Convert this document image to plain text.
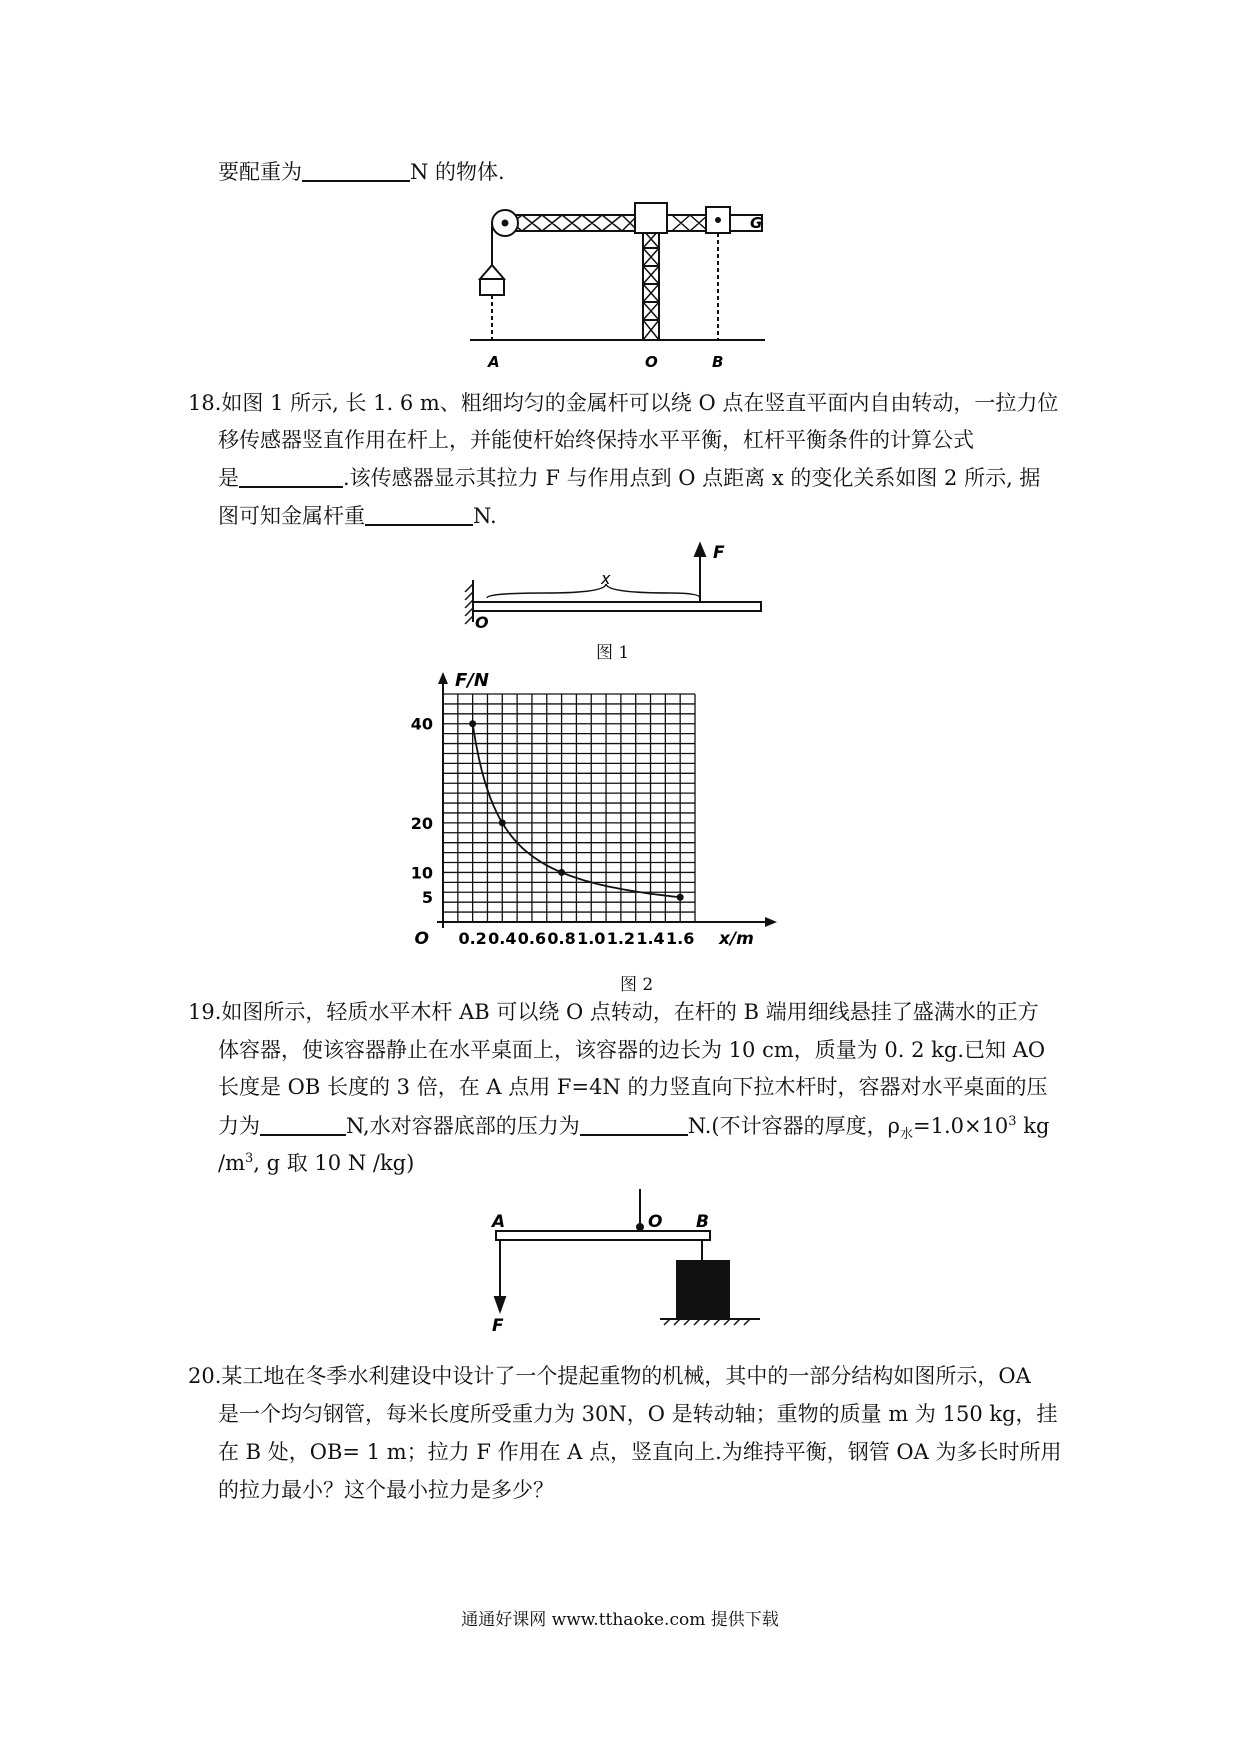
要配重为	N 的物体.
A	O	B
G
18.如图 1 所示, 长 1. 6 m、粗细均匀的金属杆可以绕 O 点在竖直平面内自由转动，一拉力位
移传感器竖直作用在杆上，并能使杆始终保持水平平衡，杠杆平衡条件的计算公式
是	.该传感器显示其拉力 F 与作用点到 O 点距离 x 的变化关系如图 2 所示, 据
图可知金属杆重	N.
x
F
O
图 1
0.2 0.4 0.6 0.8 1.0 1.2 1.4 1.6
5
10
20
40
O
F/N
x/m
图 2
19.如图所示，轻质水平木杆 AB 可以绕 O 点转动，在杆的 B 端用细线悬挂了盛满水的正方
体容器，使该容器静止在水平桌面上，该容器的边长为 10 cm，质量为 0. 2 kg.已知 AO
长度是 OB 长度的 3 倍，在 A 点用 F=4N 的力竖直向下拉木杆时，容器对水平桌面的压
力为	N,水对容器底部的压力为	N.(不计容器的厚度，$\rho_水=1.0\times 10^3$ kg
$/m^3$, g 取 10 N /kg)
A	O B
F
20.某工地在冬季水利建设中设计了一个提起重物的机械，其中的一部分结构如图所示，OA
是一个均匀钢管，每米长度所受重力为 30N，O 是转动轴；重物的质量 m 为 150 kg，挂
在 B 处，OB= 1 m；拉力 F 作用在 A 点，竖直向上.为维持平衡，钢管 OA 为多长时所用
的拉力最小？这个最小拉力是多少？
通通好课网 www.tthaoke.com 提供下载
